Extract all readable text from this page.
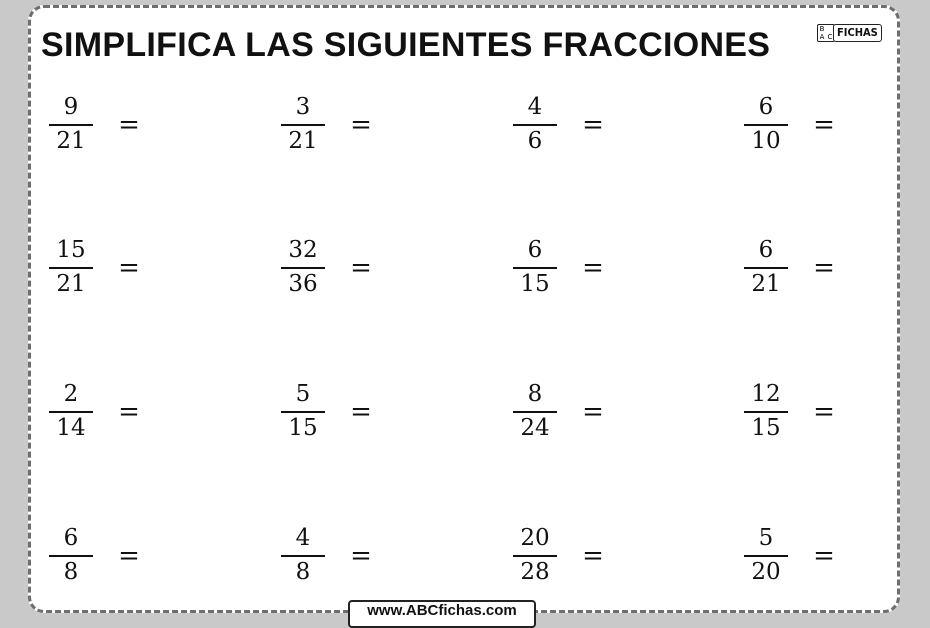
SIMPLIFICA LAS SIGUIENTES FRACCIONES	B
A C FICHAS
9
21
=
3
21
=
4
6
=
6
10
=
15
21
=
32
36
=
6
15
=
6
21
=
2
14
=
5
15
=
8
24
=
12
15
=
6
8
=
4
8
=
20
28
=
5
20
=
www.ABCfichas.com
